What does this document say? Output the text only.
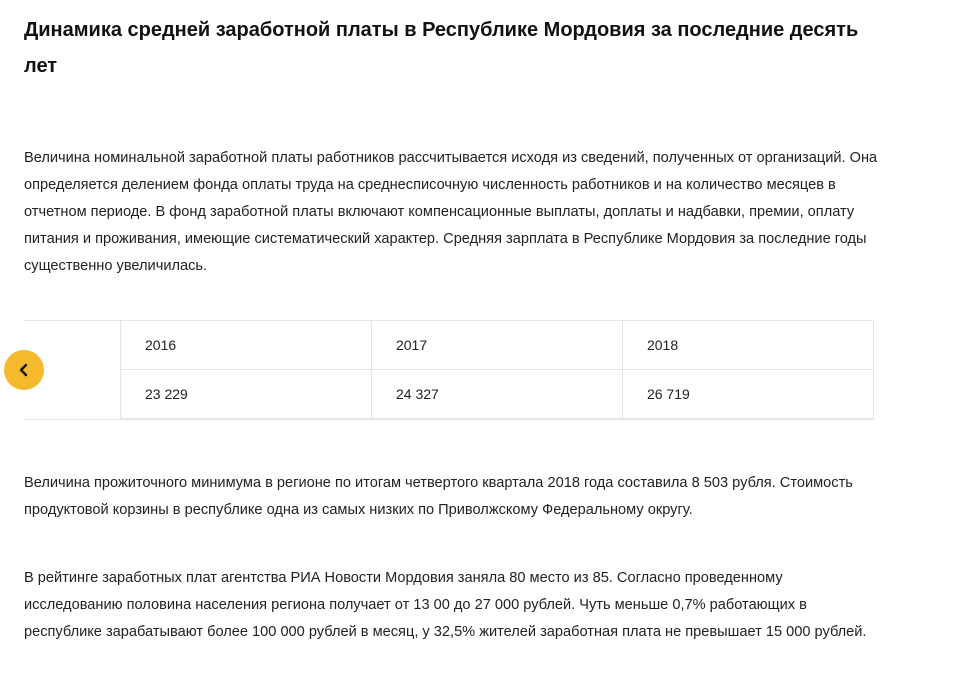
Динамика средней заработной платы в Республике Мордовия за последние десять лет

Величина номинальной заработной платы работников рассчитывается исходя из сведений, полученных от организаций. Она определяется делением фонда оплаты труда на среднесписочную численность работников и на количество месяцев в отчетном периоде. В фонд заработной платы включают компенсационные выплаты, доплаты и надбавки, премии, оплату питания и проживания, имеющие систематический характер. Средняя зарплата в Республике Мордовия за последние годы существенно увеличилась.

2016	2017	2018
23 229	24 327	26 719

Величина прожиточного минимума в регионе по итогам четвертого квартала 2018 года составила 8 503 рубля. Стоимость продуктовой корзины в республике одна из самых низких по Приволжскому Федеральному округу.

В рейтинге заработных плат агентства РИА Новости Мордовия заняла 80 место из 85. Согласно проведенному исследованию половина населения региона получает от 13 00 до 27 000 рублей. Чуть меньше 0,7% работающих в республике зарабатывают более 100 000 рублей в месяц, у 32,5% жителей заработная плата не превышает 15 000 рублей.
